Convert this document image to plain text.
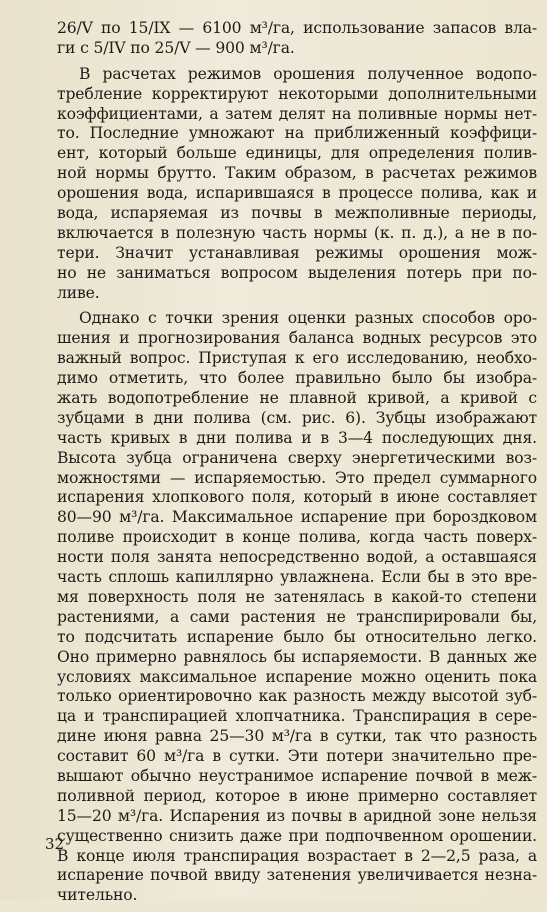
26/V по 15/IX — 6100 м³/га, использование запасов вла-
ги с 5/IV по 25/V — 900 м³/га.
В расчетах режимов орошения полученное водопо-
требление корректируют некоторыми дополнительными
коэффициентами, а затем делят на поливные нормы нет-
то. Последние умножают на приближенный коэффици-
ент, который больше единицы, для определения полив-
ной нормы брутто. Таким образом, в расчетах режимов
орошения вода, испарившаяся в процессе полива, как и
вода, испаряемая из почвы в межполивные периоды,
включается в полезную часть нормы (к. п. д.), а не в по-
тери. Значит устанавливая режимы орошения мож-
но не заниматься вопросом выделения потерь при по-
ливе.
Однако с точки зрения оценки разных способов оро-
шения и прогнозирования баланса водных ресурсов это
важный вопрос. Приступая к его исследованию, необхо-
димо отметить, что более правильно было бы изобра-
жать водопотребление не плавной кривой, а кривой с
зубцами в дни полива (см. рис. 6). Зубцы изображают
часть кривых в дни полива и в 3—4 последующих дня.
Высота зубца ограничена сверху энергетическими воз-
можностями — испаряемостью. Это предел суммарного
испарения хлопкового поля, который в июне составляет
80—90 м³/га. Максимальное испарение при бороздковом
поливе происходит в конце полива, когда часть поверх-
ности поля занята непосредственно водой, а оставшаяся
часть сплошь капиллярно увлажнена. Если бы в это вре-
мя поверхность поля не затенялась в какой-то степени
растениями, а сами растения не транспирировали бы,
то подсчитать испарение было бы относительно легко.
Оно примерно равнялось бы испаряемости. В данных же
условиях максимальное испарение можно оценить пока
только ориентировочно как разность между высотой зуб-
ца и транспирацией хлопчатника. Транспирация в сере-
дине июня равна 25—30 м³/га в сутки, так что разность
составит 60 м³/га в сутки. Эти потери значительно пре-
вышают обычно неустранимое испарение почвой в меж-
поливной период, которое в июне примерно составляет
15—20 м³/га. Испарения из почвы в аридной зоне нельзя
существенно снизить даже при подпочвенном орошении.
В конце июля транспирация возрастает в 2—2,5 раза, а
испарение почвой ввиду затенения увеличивается незна-
чительно.
32
